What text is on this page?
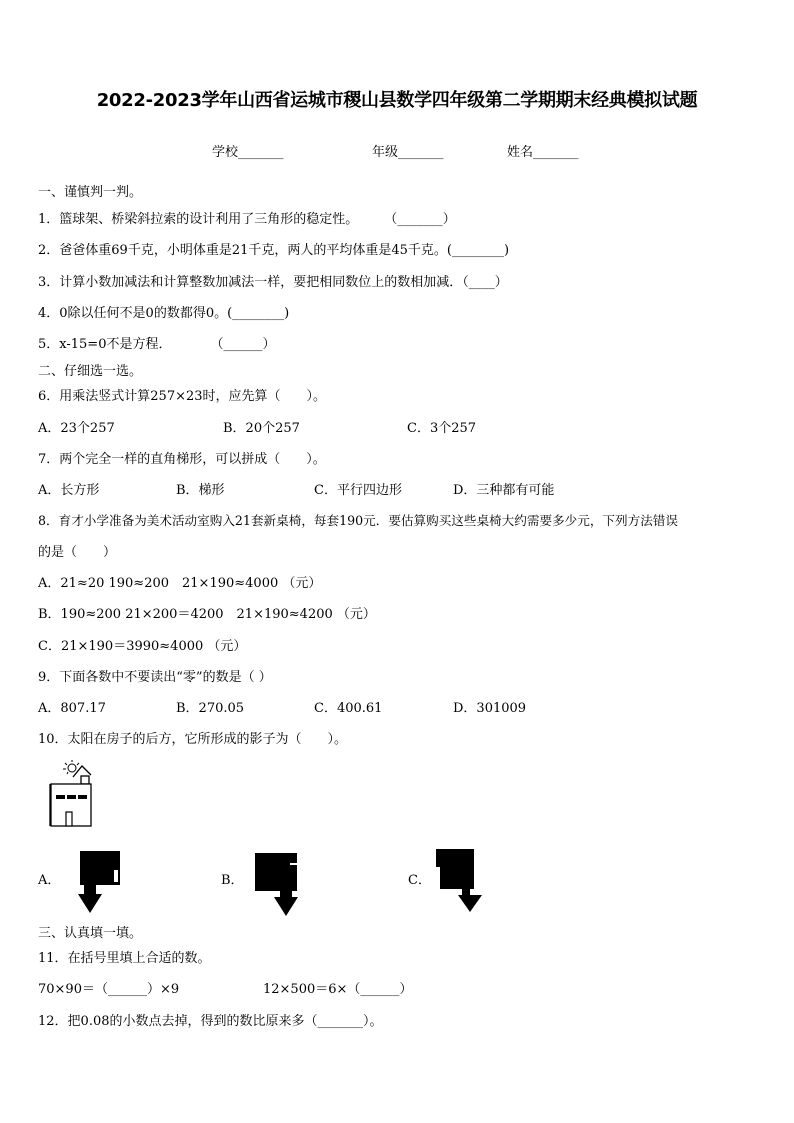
2022-2023学年山西省运城市稷山县数学四年级第二学期期末经典模拟试题
学校_______	年级_______	姓名_______
一、谨慎判一判。
1．篮球架、桥梁斜拉索的设计利用了三角形的稳定性。　　　（_______）
2．爸爸体重69千克，小明体重是21千克，两人的平均体重是45千克。(________)
3．计算小数加减法和计算整数加减法一样，要把相同数位上的数相加减．（____）
4．0除以任何不是0的数都得0。(________)
5．x-15=0不是方程．　　　　（______）
二、仔细选一选。
6．用乘法竖式计算257×23时，应先算（　　）。
A．23个257	B．20个257	C．3个257
7．两个完全一样的直角梯形，可以拼成（　　）。
A．长方形	B．梯形	C．平行四边形	D．三种都有可能
8．育才小学准备为美术活动室购入21套新桌椅，每套190元．要估算购买这些桌椅大约需要多少元，下列方法错误
的是（　　）
A．21≈20 190≈200　21×190≈4000 （元）
B．190≈200 21×200＝4200　21×190≈4200 （元）
C．21×190＝3990≈4000 （元）
9．下面各数中不要读出“零”的数是（ ）
A．807.17	B．270.05	C．400.61	D．301009
10．太阳在房子的后方，它所形成的影子为（　　）。
A．	B．	C．
三、认真填一填。
11．在括号里填上合适的数。
70×90＝（______）×9	12×500＝6×（______）
12．把0.08的小数点去掉，得到的数比原来多（_______）。
